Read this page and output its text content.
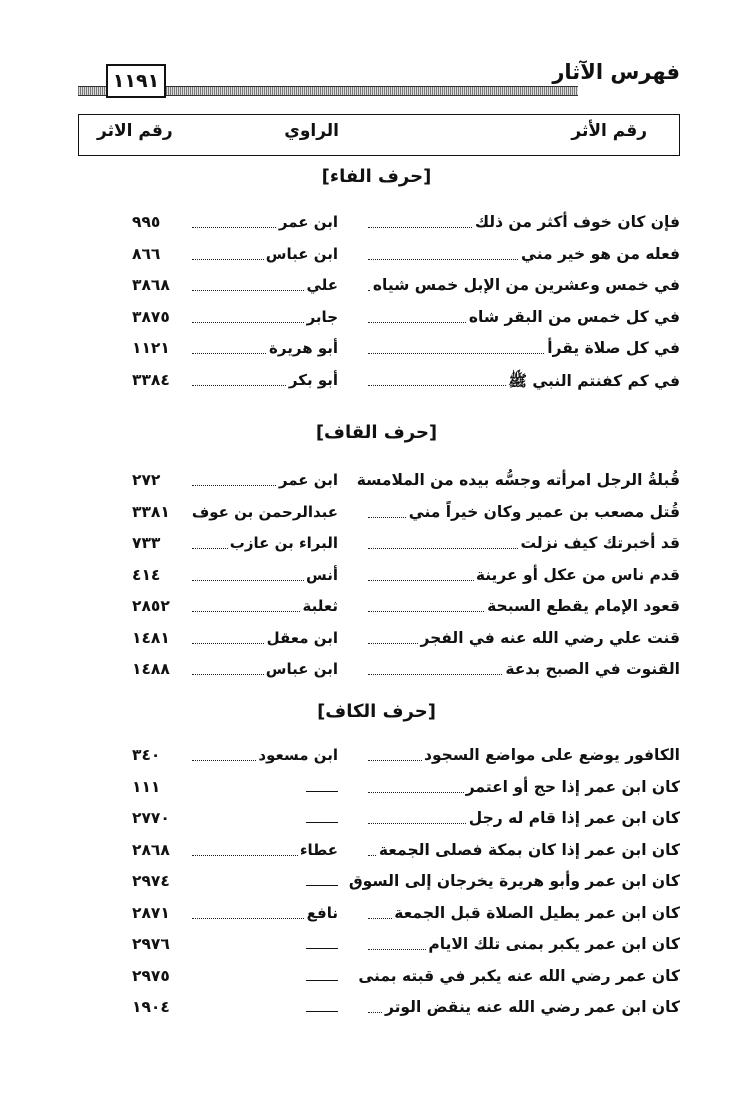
فهرس الآثار
١١٩١
رقم الأثر
الراوي
رقم الاثر
[حرف الفاء]
فإن كان خوف أكثر من ذلك
ابن عمر
٩٩٥
فعله من هو خير مني
ابن عباس
٨٦٦
في خمس وعشرين من الإبل خمس شياه
علي
٣٨٦٨
في كل خمس من البقر شاه
جابر
٣٨٧٥
في كل صلاة يقرأ
أبو هريرة
١١٢١
في كم كفنتم النبي ﷺ
أبو بكر
٣٣٨٤
[حرف القاف]
قُبلةُ الرجل امرأته وجسُّه بيده من الملامسة
ابن عمر
٢٧٢
قُتل مصعب بن عمير وكان خيراً مني
عبدالرحمن بن عوف
٣٣٨١
قد أخبرتك كيف نزلت
البراء بن عازب
٧٣٣
قدم ناس من عكل أو عرينة
أنس
٤١٤
قعود الإمام يقطع السبحة
ثعلبة
٢٨٥٢
قنت علي رضي الله عنه في الفجر
ابن معقل
١٤٨١
القنوت في الصبح بدعة
ابن عباس
١٤٨٨
[حرف الكاف]
الكافور يوضع على مواضع السجود
ابن مسعود
٣٤٠
كان ابن عمر إذا حج أو اعتمر
١١١
كان ابن عمر إذا قام له رجل
٢٧٧٠
كان ابن عمر إذا كان بمكة فصلى الجمعة
عطاء
٢٨٦٨
كان ابن عمر وأبو هريرة يخرجان إلى السوق
٢٩٧٤
كان ابن عمر يطيل الصلاة قبل الجمعة
نافع
٢٨٧١
كان ابن عمر يكبر بمنى تلك الايام
٢٩٧٦
كان عمر رضي الله عنه يكبر في قبته بمنى
٢٩٧٥
كان ابن عمر رضي الله عنه ينقض الوتر
١٩٠٤
